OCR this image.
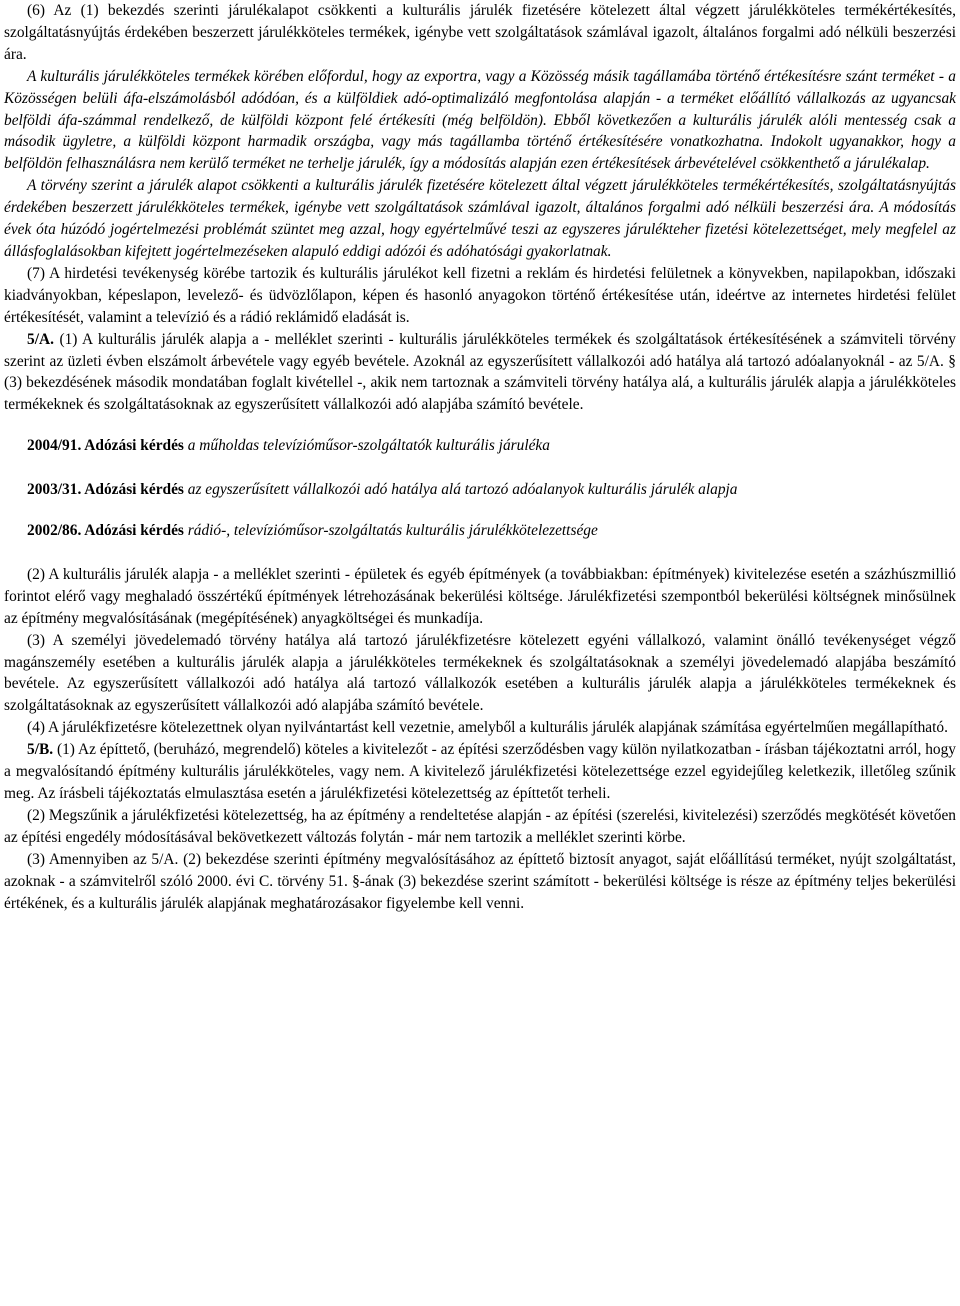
(6) Az (1) bekezdés szerinti járulékalapot csökkenti a kulturális járulék fizetésére kötelezett által végzett járulékköteles termékértékesítés, szolgáltatásnyújtás érdekében beszerzett járulékköteles termékek, igénybe vett szolgáltatások számlával igazolt, általános forgalmi adó nélküli beszerzési ára.

A kulturális járulékköteles termékek körében előfordul, hogy az exportra, vagy a Közösség másik tagállamába történő értékesítésre szánt terméket - a Közösségen belüli áfa-elszámolásból adódóan, és a külföldiek adó-optimalizáló megfontolása alapján - a terméket előállító vállalkozás az ugyancsak belföldi áfa-számmal rendelkező, de külföldi központ felé értékesíti (még belföldön). Ebből következően a kulturális járulék alóli mentesség csak a második ügyletre, a külföldi központ harmadik országba, vagy más tagállamba történő értékesítésére vonatkozhatna. Indokolt ugyanakkor, hogy a belföldön felhasználásra nem kerülő terméket ne terhelje járulék, így a módosítás alapján ezen értékesítések árbevételével csökkenthető a járulékalap.

A törvény szerint a járulék alapot csökkenti a kulturális járulék fizetésére kötelezett által végzett járulékköteles termékértékesítés, szolgáltatásnyújtás érdekében beszerzett járulékköteles termékek, igénybe vett szolgáltatások számlával igazolt, általános forgalmi adó nélküli beszerzési ára. A módosítás évek óta húzódó jogértelmezési problémát szüntet meg azzal, hogy egyértelművé teszi az egyszeres járulékteher fizetési kötelezettséget, mely megfelel az állásfoglalásokban kifejtett jogértelmezéseken alapuló eddigi adózói és adóhatósági gyakorlatnak.

(7) A hirdetési tevékenység körébe tartozik és kulturális járulékot kell fizetni a reklám és hirdetési felületnek a könyvekben, napilapokban, időszaki kiadványokban, képeslapon, levelező- és üdvözlőlapon, képen és hasonló anyagokon történő értékesítése után, ideértve az internetes hirdetési felület értékesítését, valamint a televízió és a rádió reklámidő eladását is.

5/A. (1) A kulturális járulék alapja a - melléklet szerinti - kulturális járulékköteles termékek és szolgáltatások értékesítésének a számviteli törvény szerint az üzleti évben elszámolt árbevétele vagy egyéb bevétele. Azoknál az egyszerűsített vállalkozói adó hatálya alá tartozó adóalanyoknál - az 5/A. § (3) bekezdésének második mondatában foglalt kivétellel -, akik nem tartoznak a számviteli törvény hatálya alá, a kulturális járulék alapja a járulékköteles termékeknek és szolgáltatásoknak az egyszerűsített vállalkozói adó alapjába számító bevétele.

2004/91. Adózási kérdés a műholdas televízióműsor-szolgáltatók kulturális járuléka

2003/31. Adózási kérdés az egyszerűsített vállalkozói adó hatálya alá tartozó adóalanyok kulturális járulék alapja

2002/86. Adózási kérdés rádió-, televízióműsor-szolgáltatás kulturális járulékkötelezettsége

(2) A kulturális járulék alapja - a melléklet szerinti - épületek és egyéb építmények (a továbbiakban: építmények) kivitelezése esetén a százhúszmillió forintot elérő vagy meghaladó összértékű építmények létrehozásának bekerülési költsége. Járulékfizetési szempontból bekerülési költségnek minősülnek az építmény megvalósításának (megépítésének) anyagköltségei és munkadíja.

(3) A személyi jövedelemadó törvény hatálya alá tartozó járulékfizetésre kötelezett egyéni vállalkozó, valamint önálló tevékenységet végző magánszemély esetében a kulturális járulék alapja a járulékköteles termékeknek és szolgáltatásoknak a személyi jövedelemadó alapjába beszámító bevétele. Az egyszerűsített vállalkozói adó hatálya alá tartozó vállalkozók esetében a kulturális járulék alapja a járulékköteles termékeknek és szolgáltatásoknak az egyszerűsített vállalkozói adó alapjába számító bevétele.

(4) A járulékfizetésre kötelezettnek olyan nyilvántartást kell vezetnie, amelyből a kulturális járulék alapjának számítása egyértelműen megállapítható.

5/B. (1) Az építtető, (beruházó, megrendelő) köteles a kivitelezőt - az építési szerződésben vagy külön nyilatkozatban - írásban tájékoztatni arról, hogy a megvalósítandó építmény kulturális járulékköteles, vagy nem. A kivitelező járulékfizetési kötelezettsége ezzel egyidejűleg keletkezik, illetőleg szűnik meg. Az írásbeli tájékoztatás elmulasztása esetén a járulékfizetési kötelezettség az építtetőt terheli.

(2) Megszűnik a járulékfizetési kötelezettség, ha az építmény a rendeltetése alapján - az építési (szerelési, kivitelezési) szerződés megkötését követően az építési engedély módosításával bekövetkezett változás folytán - már nem tartozik a melléklet szerinti körbe.

(3) Amennyiben az 5/A. (2) bekezdése szerinti építmény megvalósításához az építtető biztosít anyagot, saját előállítású terméket, nyújt szolgáltatást, azoknak - a számvitelről szóló 2000. évi C. törvény 51. §-ának (3) bekezdése szerint számított - bekerülési költsége is része az építmény teljes bekerülési értékének, és a kulturális járulék alapjának meghatározásakor figyelembe kell venni.
